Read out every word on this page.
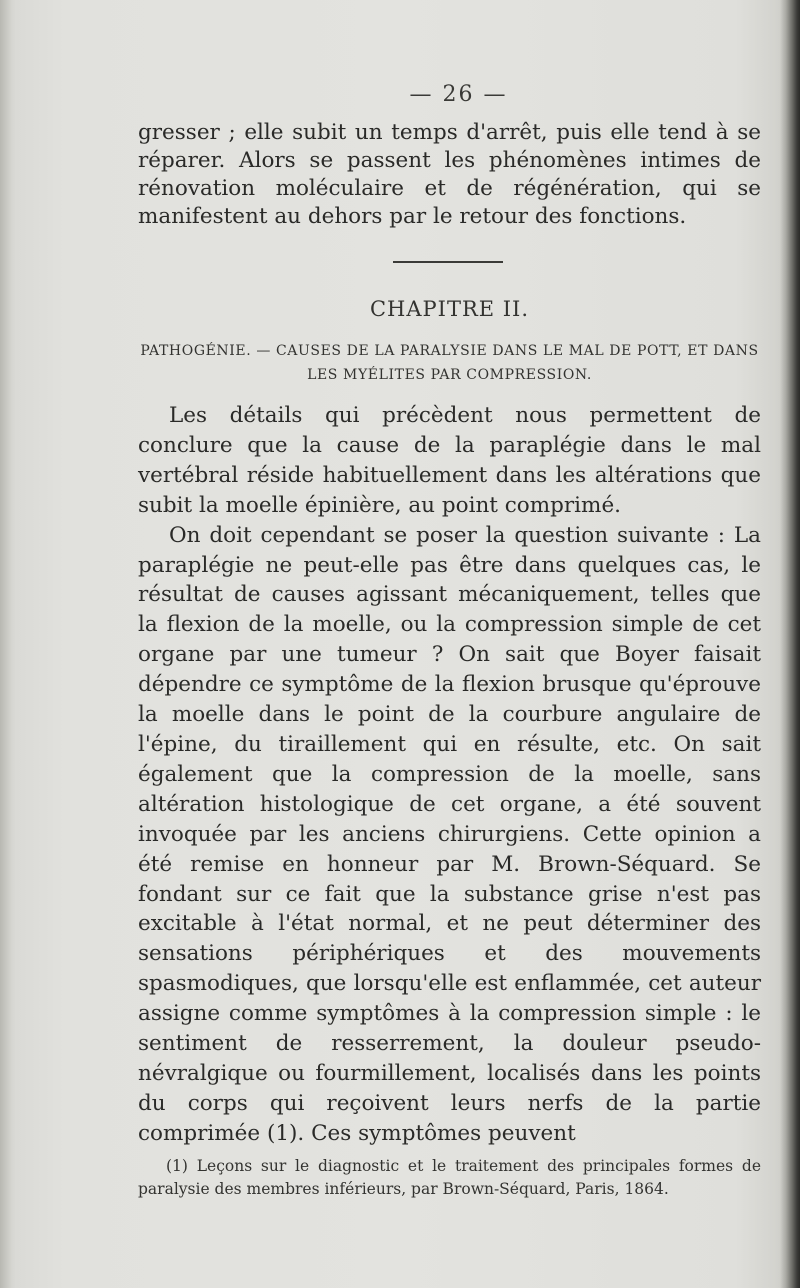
— 26 —

gresser ; elle subit un temps d'arrêt, puis elle tend à se réparer. Alors se passent les phénomènes intimes de rénovation moléculaire et de régénération, qui se manifestent au dehors par le retour des fonctions.

CHAPITRE II.
PATHOGÉNIE. — CAUSES DE LA PARALYSIE DANS LE MAL DE POTT, ET DANS LES MYÉLITES PAR COMPRESSION.

Les détails qui précèdent nous permettent de conclure que la cause de la paraplégie dans le mal vertébral réside habituellement dans les altérations que subit la moelle épinière, au point comprimé.

On doit cependant se poser la question suivante : La paraplégie ne peut-elle pas être dans quelques cas, le résultat de causes agissant mécaniquement, telles que la flexion de la moelle, ou la compression simple de cet organe par une tumeur ? On sait que Boyer faisait dépendre ce symptôme de la flexion brusque qu'éprouve la moelle dans le point de la courbure angulaire de l'épine, du tiraillement qui en résulte, etc. On sait également que la compression de la moelle, sans altération histologique de cet organe, a été souvent invoquée par les anciens chirurgiens. Cette opinion a été remise en honneur par M. Brown-Séquard. Se fondant sur ce fait que la substance grise n'est pas excitable à l'état normal, et ne peut déterminer des sensations périphériques et des mouvements spasmodiques, que lorsqu'elle est enflammée, cet auteur assigne comme symptômes à la compression simple : le sentiment de resserrement, la douleur pseudo-névralgique ou fourmillement, localisés dans les points du corps qui reçoivent leurs nerfs de la partie comprimée (1). Ces symptômes peuvent

(1) Leçons sur le diagnostic et le traitement des principales formes de paralysie des membres inférieurs, par Brown-Séquard, Paris, 1864.
